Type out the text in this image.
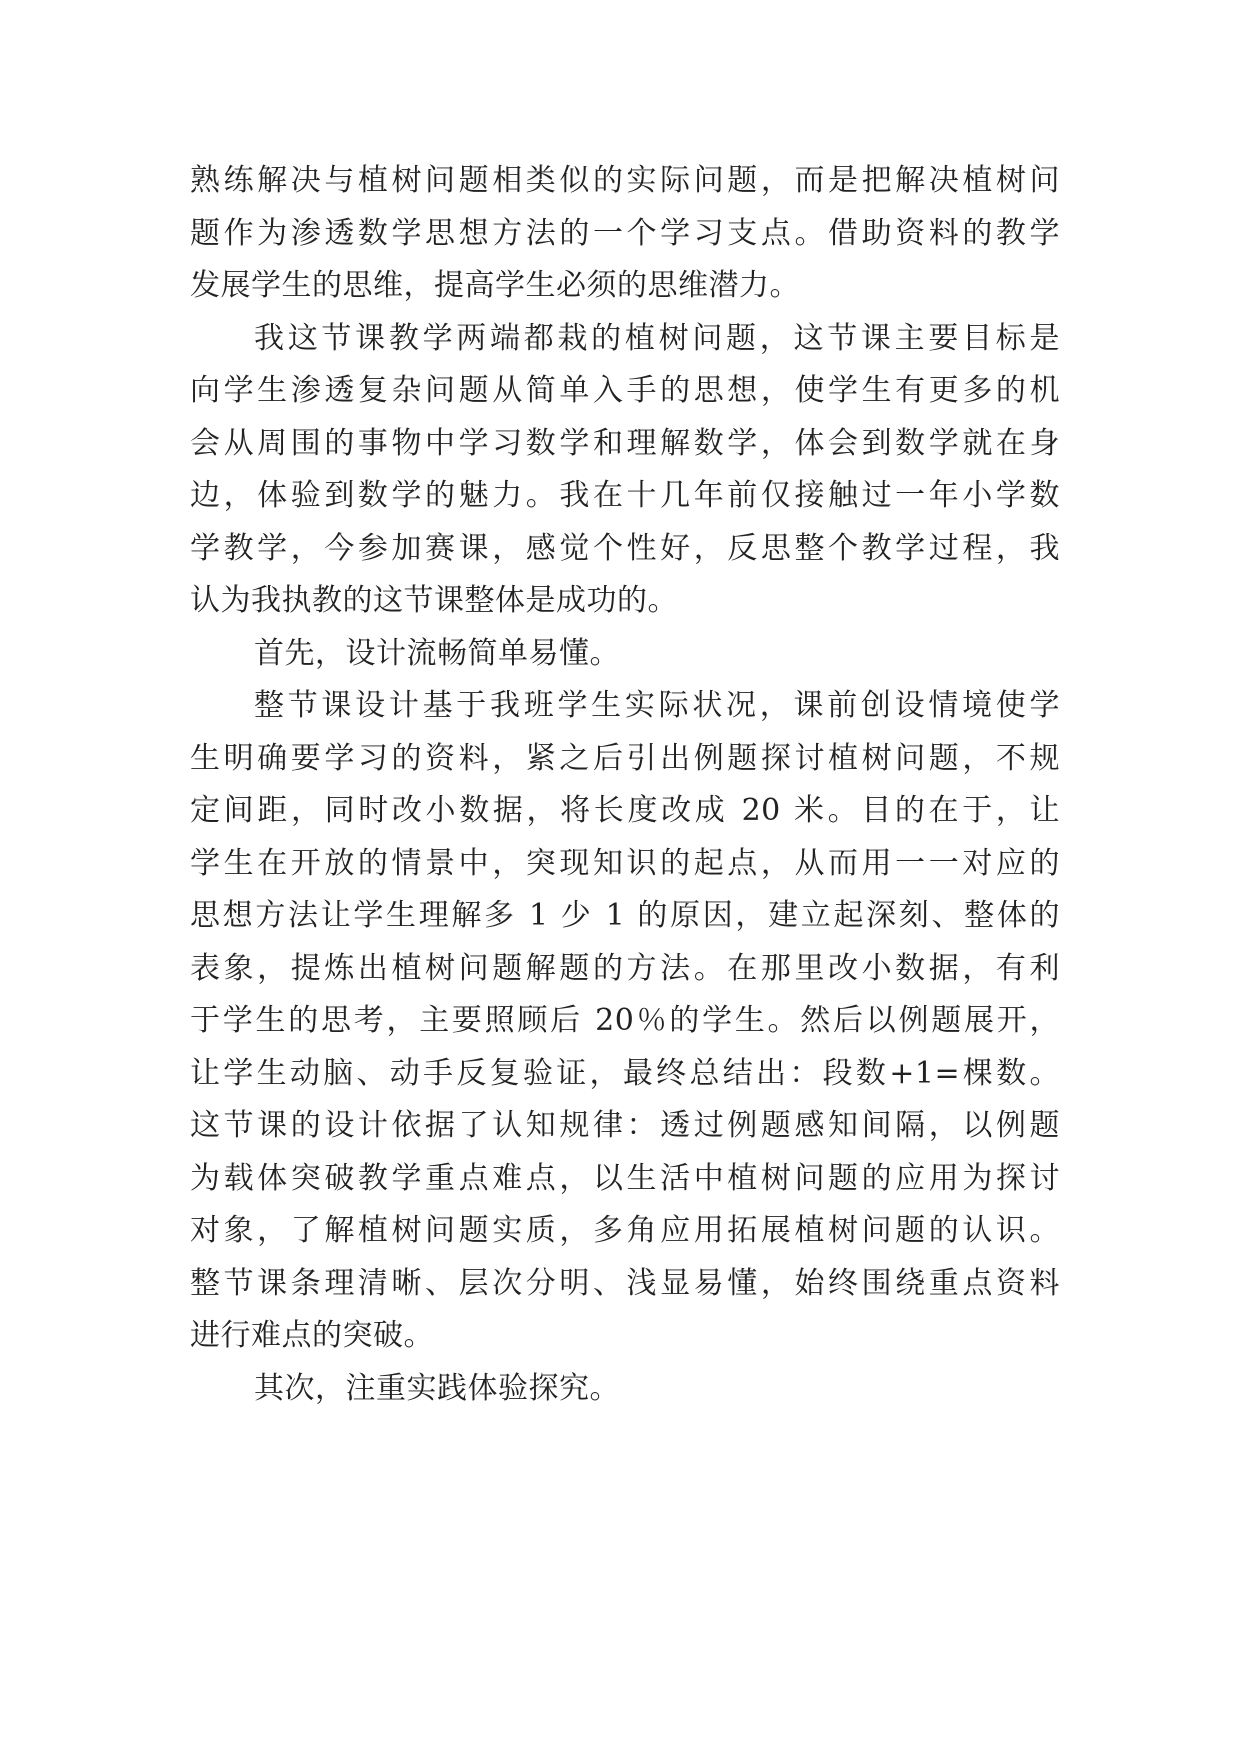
熟练解决与植树问题相类似的实际问题，而是把解决植树问
题作为渗透数学思想方法的一个学习支点。借助资料的教学
发展学生的思维，提高学生必须的思维潜力。
我这节课教学两端都栽的植树问题，这节课主要目标是
向学生渗透复杂问题从简单入手的思想，使学生有更多的机
会从周围的事物中学习数学和理解数学，体会到数学就在身
边，体验到数学的魅力。我在十几年前仅接触过一年小学数
学教学，今参加赛课，感觉个性好，反思整个教学过程，我
认为我执教的这节课整体是成功的。
首先，设计流畅简单易懂。
整节课设计基于我班学生实际状况，课前创设情境使学
生明确要学习的资料，紧之后引出例题探讨植树问题，不规
定间距，同时改小数据，将长度改成 20 米。目的在于，让
学生在开放的情景中，突现知识的起点，从而用一一对应的
思想方法让学生理解多 1 少 1 的原因，建立起深刻、整体的
表象，提炼出植树问题解题的方法。在那里改小数据，有利
于学生的思考，主要照顾后 20％的学生。然后以例题展开，
让学生动脑、动手反复验证，最终总结出：段数+1=棵数。
这节课的设计依据了认知规律：透过例题感知间隔，以例题
为载体突破教学重点难点，以生活中植树问题的应用为探讨
对象，了解植树问题实质，多角应用拓展植树问题的认识。
整节课条理清晰、层次分明、浅显易懂，始终围绕重点资料
进行难点的突破。
其次，注重实践体验探究。
